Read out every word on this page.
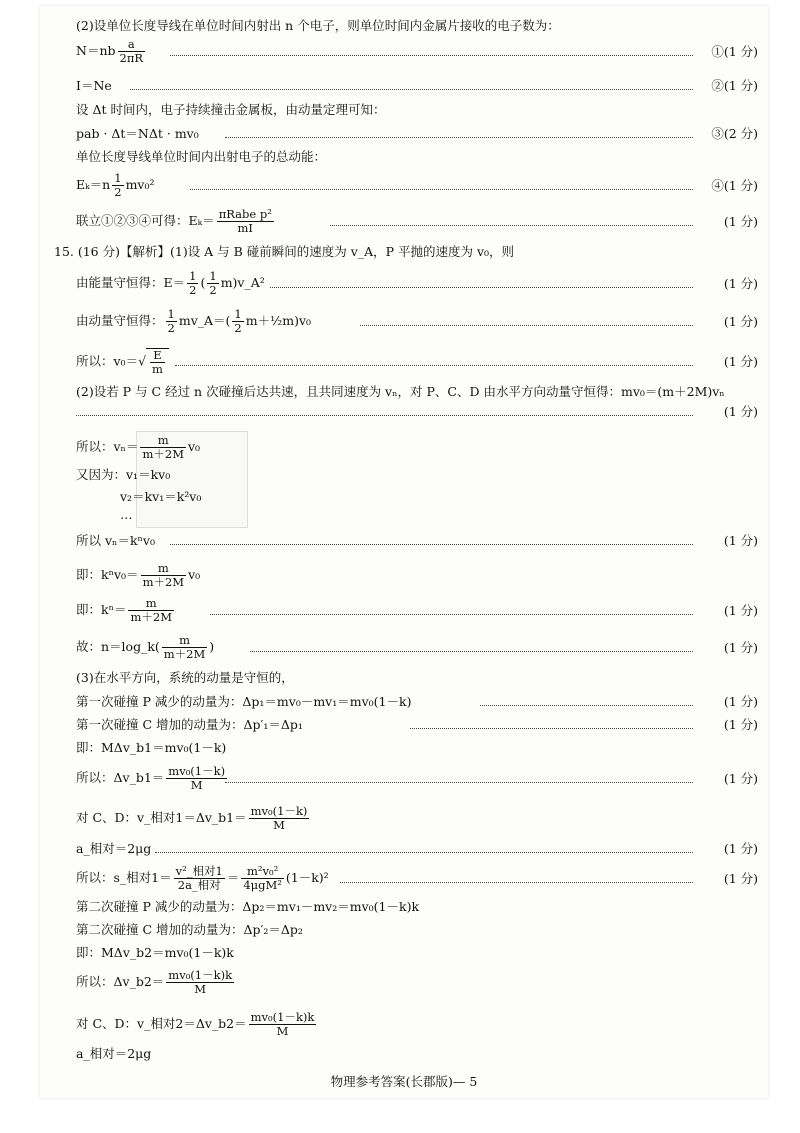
(2)设单位长度导线在单位时间内射出 n 个电子，则单位时间内金属片接收的电子数为：
$N=nb \frac{a}{2\pi R}$	①(1 分)
I＝Ne	②(1 分)
设 Δt 时间内，电子持续撞击金属板，由动量定理可知：
pab · Δt＝NΔt · mv₀	③(2 分)
单位长度导线单位时间内出射电子的总动能：
$E_k=n \frac{1}{2} mv_0^2$	④(1 分)
联立①②③④可得：$E_k= \frac{\text{πRabe p²}}{mI}$	(1 分)
15. (16 分)【解析】(1)设 A 与 B 碰前瞬间的速度为 v_A，P 平抛的速度为 v₀，则
由能量守恒得：$E= \frac{1}{2}$ ( $\frac{1}{2}$ m)v_A²	(1 分)
由动量守恒得： $\frac{1}{2}$ mv_A＝( $\frac{1}{2}$ m＋½m)v₀	(1 分)
所以：$v_0=√ \frac{E}{m}$	(1 分)
(2)设若 P 与 C 经过 n 次碰撞后达共速，且共同速度为 vₙ，对 P、C、D 由水平方向动量守恒得：mv₀＝(m＋2M)vₙ
(1 分)
所以：$v_n= \frac{m}{m+2M} v_0$
又因为：v₁＝kv₀
v₂＝kv₁＝k²v₀
…
所以 vₙ＝kⁿv₀	(1 分)
即：$k^nv_0= \frac{m}{m+2M} v_0$
即：$k^n= \frac{m}{m+2M}$	(1 分)
故：n＝log_k( $\frac{m}{m+2M}$ )	(1 分)
(3)在水平方向，系统的动量是守恒的，
第一次碰撞 P 减少的动量为：Δp₁＝mv₀－mv₁＝mv₀(1－k)	(1 分)
第一次碰撞 C 增加的动量为：Δp′₁＝Δp₁	(1 分)
即：MΔv_b1＝mv₀(1－k)
所以：Δv_b1＝ $\frac{\text{mv₀(1－k)}}{M}$	(1 分)
对 C、D：v_相对1＝Δv_b1＝ $\frac{\text{mv₀(1－k)}}{M}$
a_相对＝2μg	(1 分)
所以：s_相对$1= \frac{\text{v²\_相对1}}{\text{2a\_相对}} = \frac{\text{m²v₀²}}{\text{4μgM²}} (1-k)^2$	(1 分)
第二次碰撞 P 减少的动量为：Δp₂＝mv₁－mv₂＝mv₀(1－k)k
第二次碰撞 C 增加的动量为：Δp′₂＝Δp₂
即：MΔv_b2＝mv₀(1－k)k
所以：Δv_b2＝ $\frac{\text{mv₀(1－k)k}}{M}$
对 C、D：v_相对2＝Δv_b2＝ $\frac{\text{mv₀(1－k)k}}{M}$
a_相对＝2μg
物理参考答案(长郡版)— 5
